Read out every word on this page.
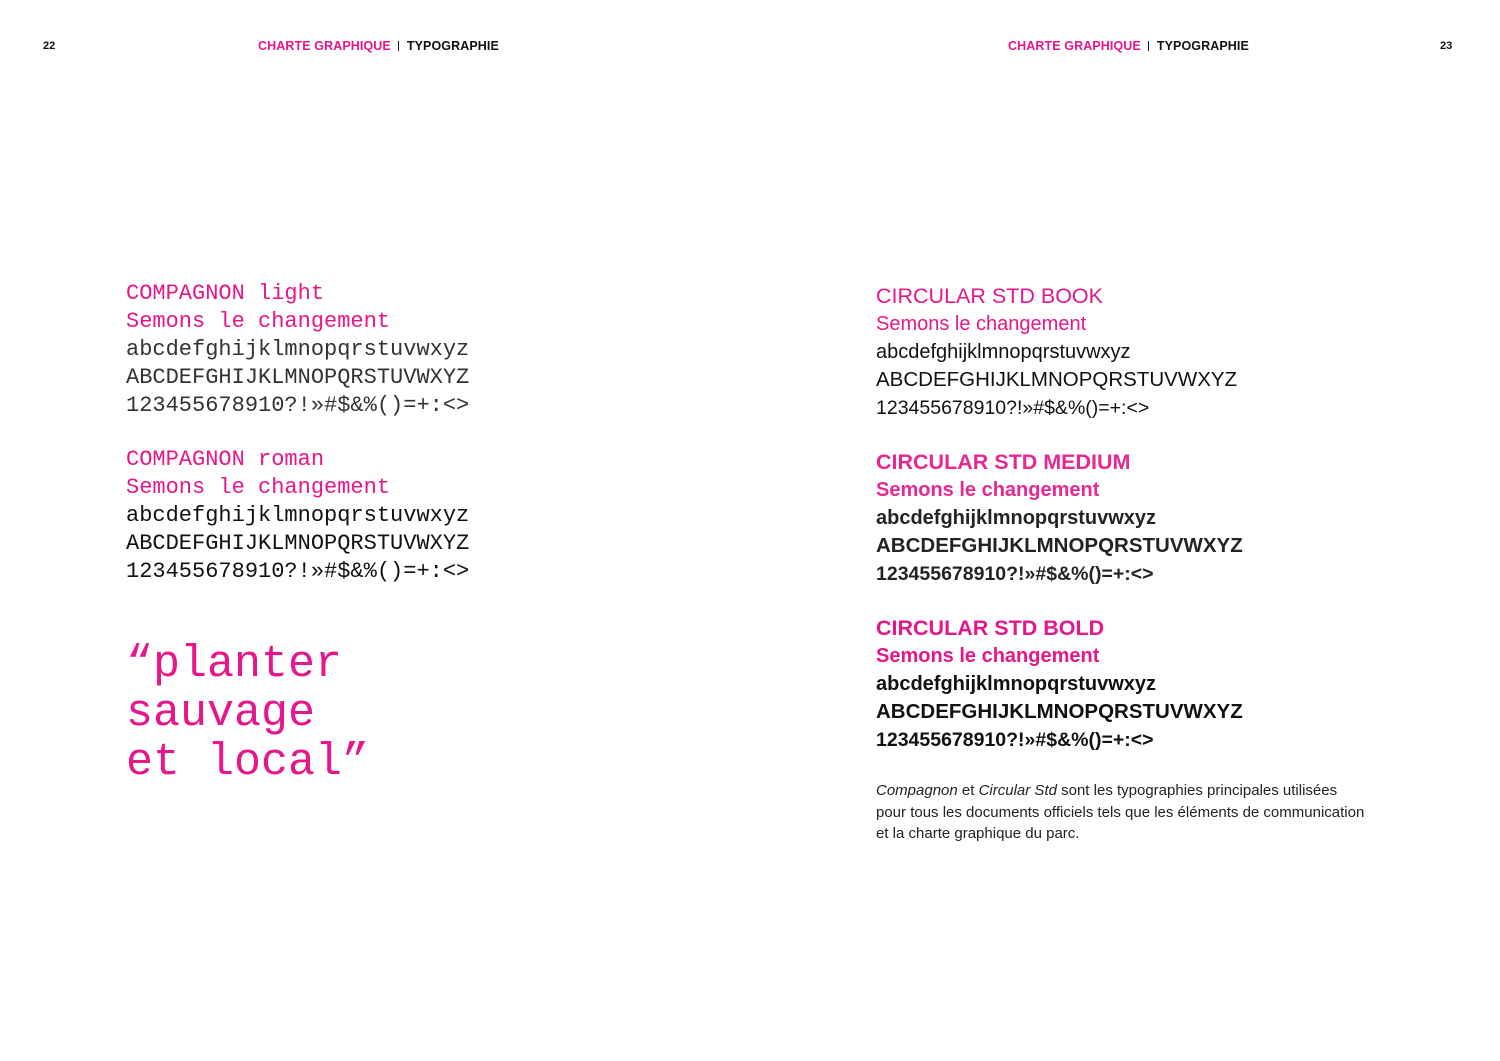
22	CHARTE GRAPHIQUE TYPOGRAPHIE
COMPAGNON light
Semons le changement
abcdefghijklmnopqrstuvwxyz
ABCDEFGHIJKLMNOPQRSTUVWXYZ
123455678910?!»#$&%()=+:<>
COMPAGNON roman
Semons le changement
abcdefghijklmnopqrstuvwxyz
ABCDEFGHIJKLMNOPQRSTUVWXYZ
123455678910?!»#$&%()=+:<>
“planter
sauvage
et local”
CHARTE GRAPHIQUE TYPOGRAPHIE	23
CIRCULAR STD BOOK
Semons le changement
abcdefghijklmnopqrstuvwxyz
ABCDEFGHIJKLMNOPQRSTUVWXYZ
123455678910?!»#$&%()=+:<>
CIRCULAR STD MEDIUM
Semons le changement
abcdefghijklmnopqrstuvwxyz
ABCDEFGHIJKLMNOPQRSTUVWXYZ
123455678910?!»#$&%()=+:<>
CIRCULAR STD BOLD
Semons le changement
abcdefghijklmnopqrstuvwxyz
ABCDEFGHIJKLMNOPQRSTUVWXYZ
123455678910?!»#$&%()=+:<>
Compagnon et Circular Std sont les typographies principales utilisées pour tous les documents officiels tels que les éléments de communication et la charte graphique du parc.
